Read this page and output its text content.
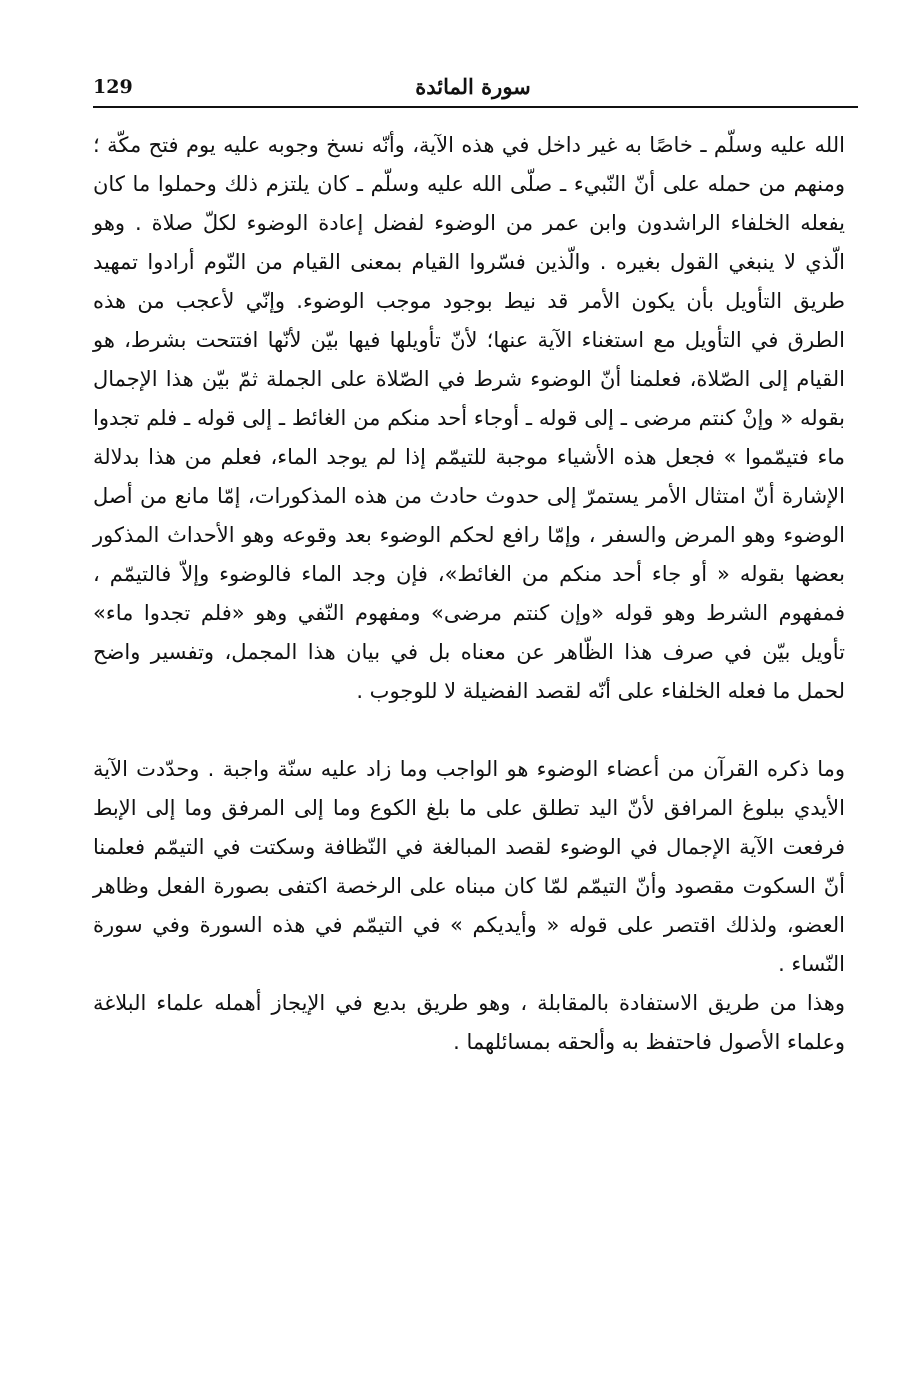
129	سورة المائدة

الله عليه وسلّم ـ خاصًا به غير داخل في هذه الآية، وأنّه نسخ وجوبه عليه يوم فتح مكّة ؛ ومنهم من حمله على أنّ النّبيء ـ صلّى الله عليه وسلّم ـ كان يلتزم ذلك وحملوا ما كان يفعله الخلفاء الراشدون وابن عمر من الوضوء لفضل إعادة الوضوء لكلّ صلاة . وهو الّذي لا ينبغي القول بغيره . والّذين فسّروا القيام بمعنى القيام من النّوم أرادوا تمهيد طريق التأويل بأن يكون الأمر قد نيط بوجود موجب الوضوء. وإنّي لأعجب من هذه الطرق في التأويل مع استغناء الآية عنها؛ لأنّ تأويلها فيها بيّن لأنّها افتتحت بشرط، هو القيام إلى الصّلاة، فعلمنا أنّ الوضوء شرط في الصّلاة على الجملة ثمّ بيّن هذا الإجمال بقوله « وإنْ كنتم مرضى ـ إلى قوله ـ أوجاء أحد منكم من الغائط ـ إلى قوله ـ فلم تجدوا ماء فتيمّموا » فجعل هذه الأشياء موجبة للتيمّم إذا لم يوجد الماء، فعلم من هذا بدلالة الإشارة أنّ امتثال الأمر يستمرّ إلى حدوث حادث من هذه المذكورات، إمّا مانع من أصل الوضوء وهو المرض والسفر ، وإمّا رافع لحكم الوضوء بعد وقوعه وهو الأحداث المذكور بعضها بقوله « أو جاء أحد منكم من الغائط»، فإن وجد الماء فالوضوء وإلاّ فالتيمّم ، فمفهوم الشرط وهو قوله «وإن كنتم مرضى» ومفهوم النّفي وهو «فلم تجدوا ماء» تأويل بيّن في صرف هذا الظّاهر عن معناه بل في بيان هذا المجمل، وتفسير واضح لحمل ما فعله الخلفاء على أنّه لقصد الفضيلة لا للوجوب .

وما ذكره القرآن من أعضاء الوضوء هو الواجب وما زاد عليه سنّة واجبة . وحدّدت الآية الأيدي ببلوغ المرافق لأنّ اليد تطلق على ما بلغ الكوع وما إلى المرفق وما إلى الإبط فرفعت الآية الإجمال في الوضوء لقصد المبالغة في النّظافة وسكتت في التيمّم فعلمنا أنّ السكوت مقصود وأنّ التيمّم لمّا كان مبناه على الرخصة اكتفى بصورة الفعل وظاهر العضو، ولذلك اقتصر على قوله « وأيديكم » في التيمّم في هذه السورة وفي سورة النّساء .

وهذا من طريق الاستفادة بالمقابلة ، وهو طريق بديع في الإيجاز أهمله علماء البلاغة وعلماء الأصول فاحتفظ به وألحقه بمسائلهما .
